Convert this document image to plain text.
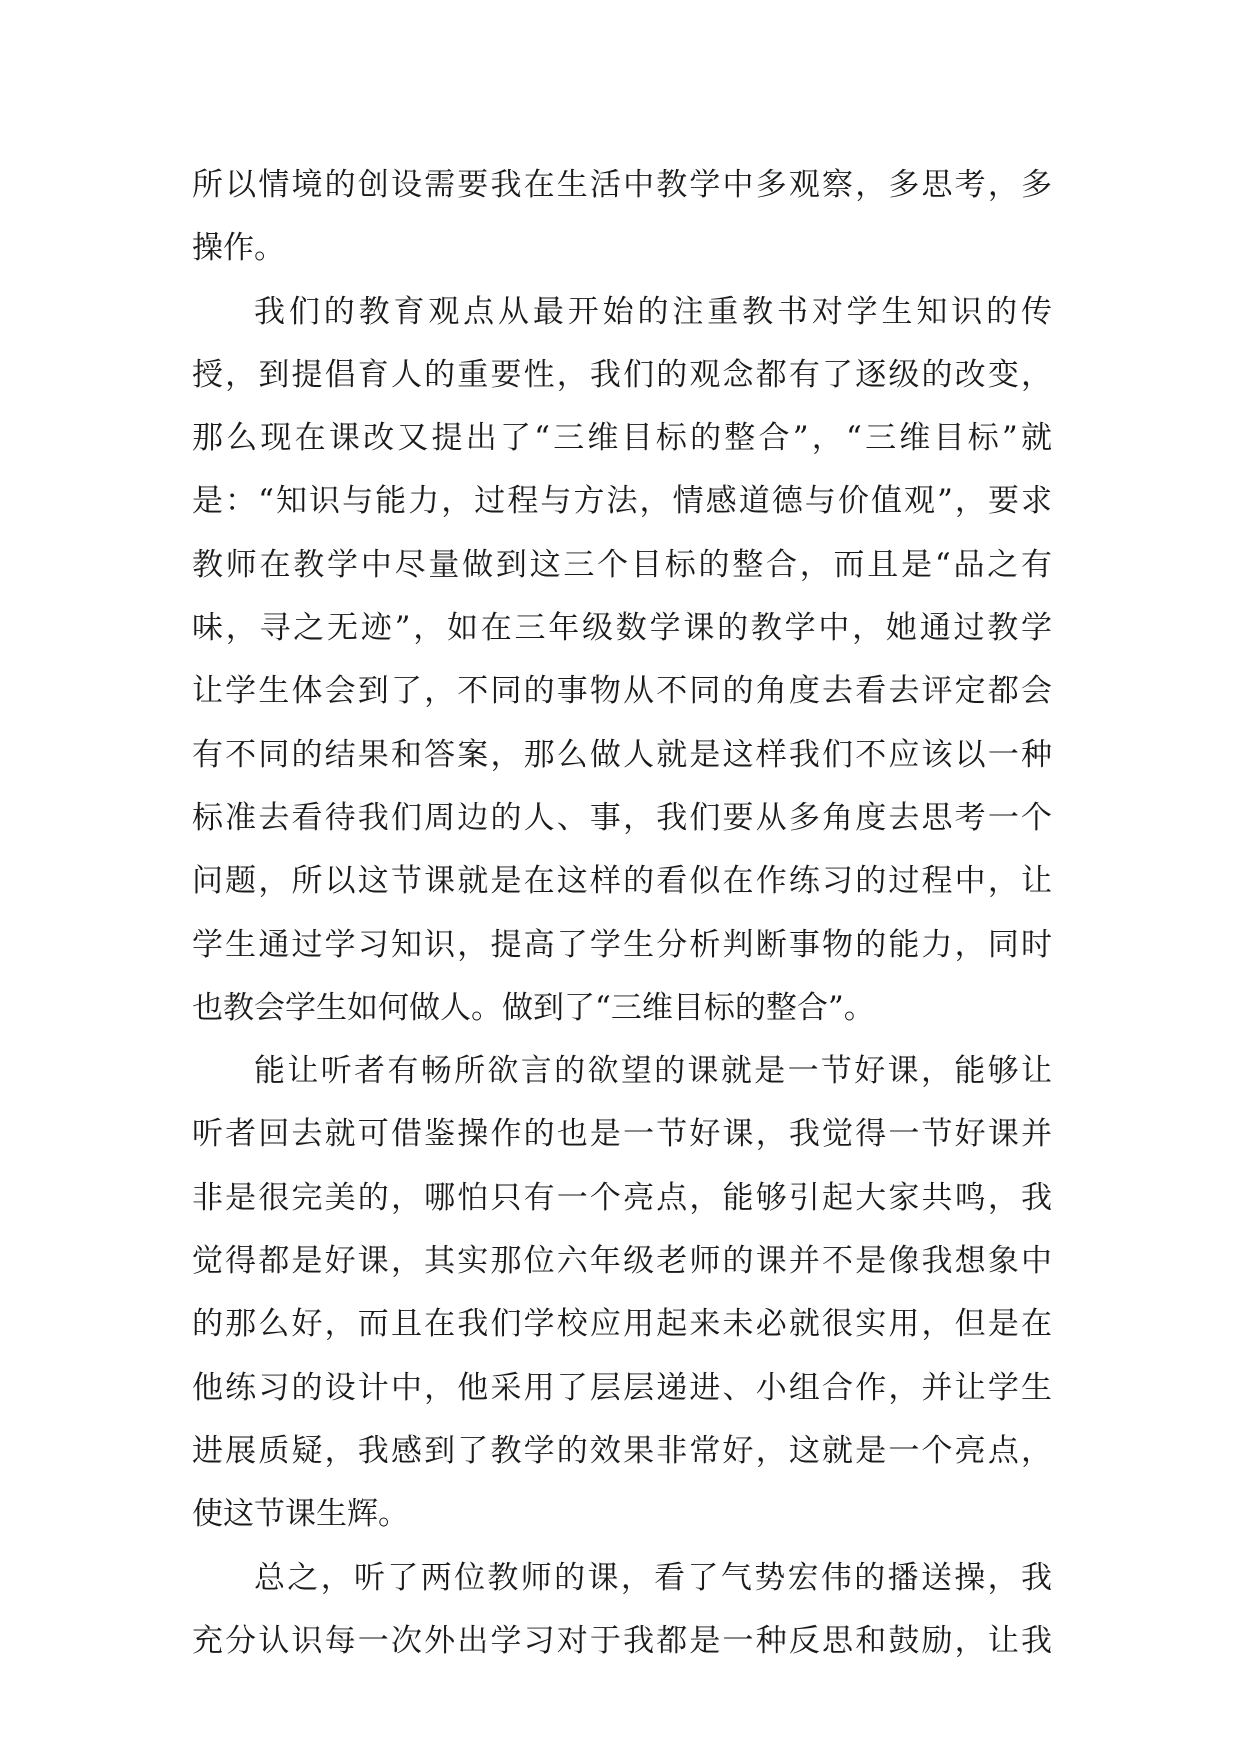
所以情境的创设需要我在生活中教学中多观察，多思考，多
操作。
我们的教育观点从最开始的注重教书对学生知识的传
授，到提倡育人的重要性，我们的观念都有了逐级的改变，
那么现在课改又提出了“三维目标的整合”，“三维目标”就
是：“知识与能力，过程与方法，情感道德与价值观”，要求
教师在教学中尽量做到这三个目标的整合，而且是“品之有
味，寻之无迹”，如在三年级数学课的教学中，她通过教学
让学生体会到了，不同的事物从不同的角度去看去评定都会
有不同的结果和答案，那么做人就是这样我们不应该以一种
标准去看待我们周边的人、事，我们要从多角度去思考一个
问题，所以这节课就是在这样的看似在作练习的过程中，让
学生通过学习知识，提高了学生分析判断事物的能力，同时
也教会学生如何做人。做到了“三维目标的整合”。
能让听者有畅所欲言的欲望的课就是一节好课，能够让
听者回去就可借鉴操作的也是一节好课，我觉得一节好课并
非是很完美的，哪怕只有一个亮点，能够引起大家共鸣，我
觉得都是好课，其实那位六年级老师的课并不是像我想象中
的那么好，而且在我们学校应用起来未必就很实用，但是在
他练习的设计中，他采用了层层递进、小组合作，并让学生
进展质疑，我感到了教学的效果非常好，这就是一个亮点，
使这节课生辉。
总之，听了两位教师的课，看了气势宏伟的播送操，我
充分认识每一次外出学习对于我都是一种反思和鼓励，让我
